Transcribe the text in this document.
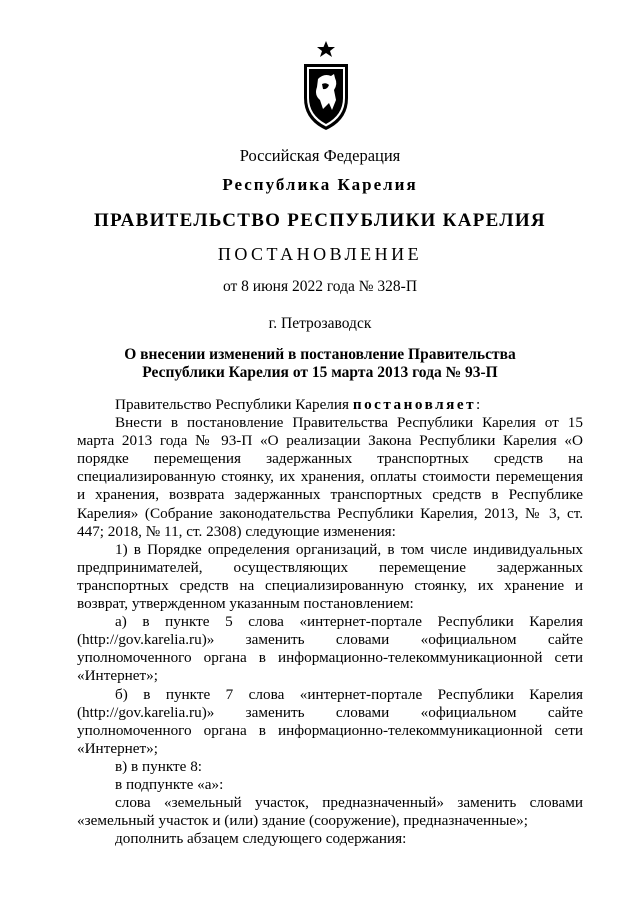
Российская Федерация
Республика Карелия
ПРАВИТЕЛЬСТВО РЕСПУБЛИКИ КАРЕЛИЯ
ПОСТАНОВЛЕНИЕ
от 8 июня 2022 года № 328-П
г. Петрозаводск
О внесении изменений в постановление Правительства
Республики Карелия от 15 марта 2013 года № 93-П

Правительство Республики Карелия постановляет:

Внести в постановление Правительства Республики Карелия от 15 марта 2013 года № 93-П «О реализации Закона Республики Карелия «О порядке перемещения задержанных транспортных средств на специализированную стоянку, их хранения, оплаты стоимости перемещения и хранения, возврата задержанных транспортных средств в Республике Карелия» (Собрание законодательства Республики Карелия, 2013, № 3, ст. 447; 2018, № 11, ст. 2308) следующие изменения:

1) в Порядке определения организаций, в том числе индивидуальных предпринимателей, осуществляющих перемещение задержанных транспортных средств на специализированную стоянку, их хранение и возврат, утвержденном указанным постановлением:

а) в пункте 5 слова «интернет-портале Республики Карелия (http://gov.karelia.ru)» заменить словами «официальном сайте уполномоченного органа в информационно-телекоммуникационной сети «Интернет»;

б) в пункте 7 слова «интернет-портале Республики Карелия (http://gov.karelia.ru)» заменить словами «официальном сайте уполномоченного органа в информационно-телекоммуникационной сети «Интернет»;

в) в пункте 8:

в подпункте «а»:

слова «земельный участок, предназначенный» заменить словами «земельный участок и (или) здание (сооружение), предназначенные»;

дополнить абзацем следующего содержания:
